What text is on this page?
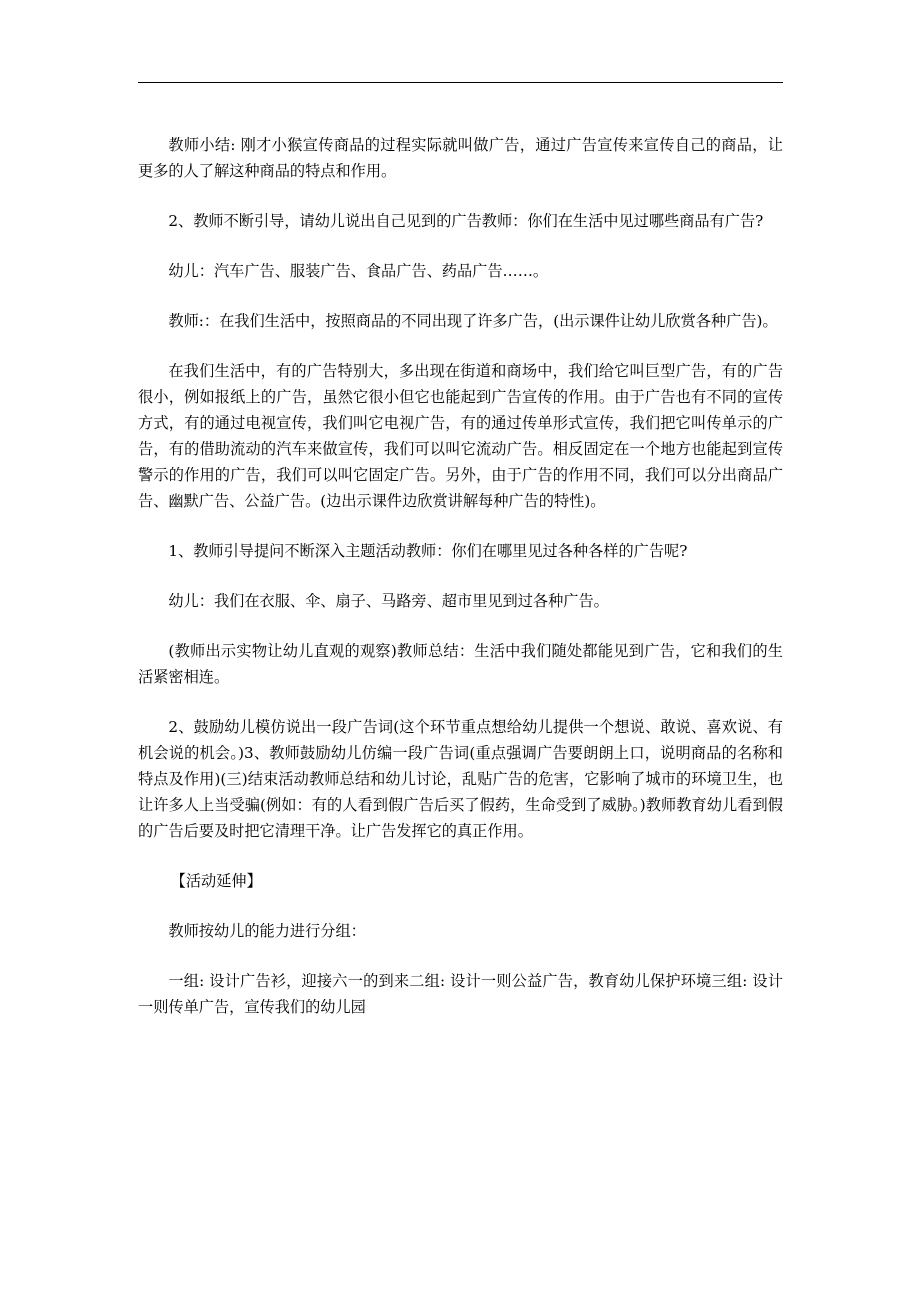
教师小结: 刚才小猴宣传商品的过程实际就叫做广告，通过广告宣传来宣传自己的商品，让更多的人了解这种商品的特点和作用。

2、教师不断引导，请幼儿说出自己见到的广告教师：你们在生活中见过哪些商品有广告?

幼儿：汽车广告、服装广告、食品广告、药品广告……。

教师:：在我们生活中，按照商品的不同出现了许多广告，(出示课件让幼儿欣赏各种广告)。

在我们生活中，有的广告特别大，多出现在街道和商场中，我们给它叫巨型广告，有的广告很小，例如报纸上的广告，虽然它很小但它也能起到广告宣传的作用。由于广告也有不同的宣传方式，有的通过电视宣传，我们叫它电视广告，有的通过传单形式宣传，我们把它叫传单示的广告，有的借助流动的汽车来做宣传，我们可以叫它流动广告。相反固定在一个地方也能起到宣传警示的作用的广告，我们可以叫它固定广告。另外，由于广告的作用不同，我们可以分出商品广告、幽默广告、公益广告。(边出示课件边欣赏讲解每种广告的特性)。

1、教师引导提问不断深入主题活动教师：你们在哪里见过各种各样的广告呢?

幼儿：我们在衣服、伞、扇子、马路旁、超市里见到过各种广告。

(教师出示实物让幼儿直观的观察)教师总结：生活中我们随处都能见到广告，它和我们的生活紧密相连。

2、鼓励幼儿模仿说出一段广告词(这个环节重点想给幼儿提供一个想说、敢说、喜欢说、有机会说的机会。)3、教师鼓励幼儿仿编一段广告词(重点强调广告要朗朗上口，说明商品的名称和特点及作用)(三)结束活动教师总结和幼儿讨论，乱贴广告的危害，它影响了城市的环境卫生，也让许多人上当受骗(例如：有的人看到假广告后买了假药，生命受到了威胁。)教师教育幼儿看到假的广告后要及时把它清理干净。让广告发挥它的真正作用。

【活动延伸】

教师按幼儿的能力进行分组：

一组: 设计广告衫，迎接六一的到来二组: 设计一则公益广告，教育幼儿保护环境三组: 设计一则传单广告，宣传我们的幼儿园
